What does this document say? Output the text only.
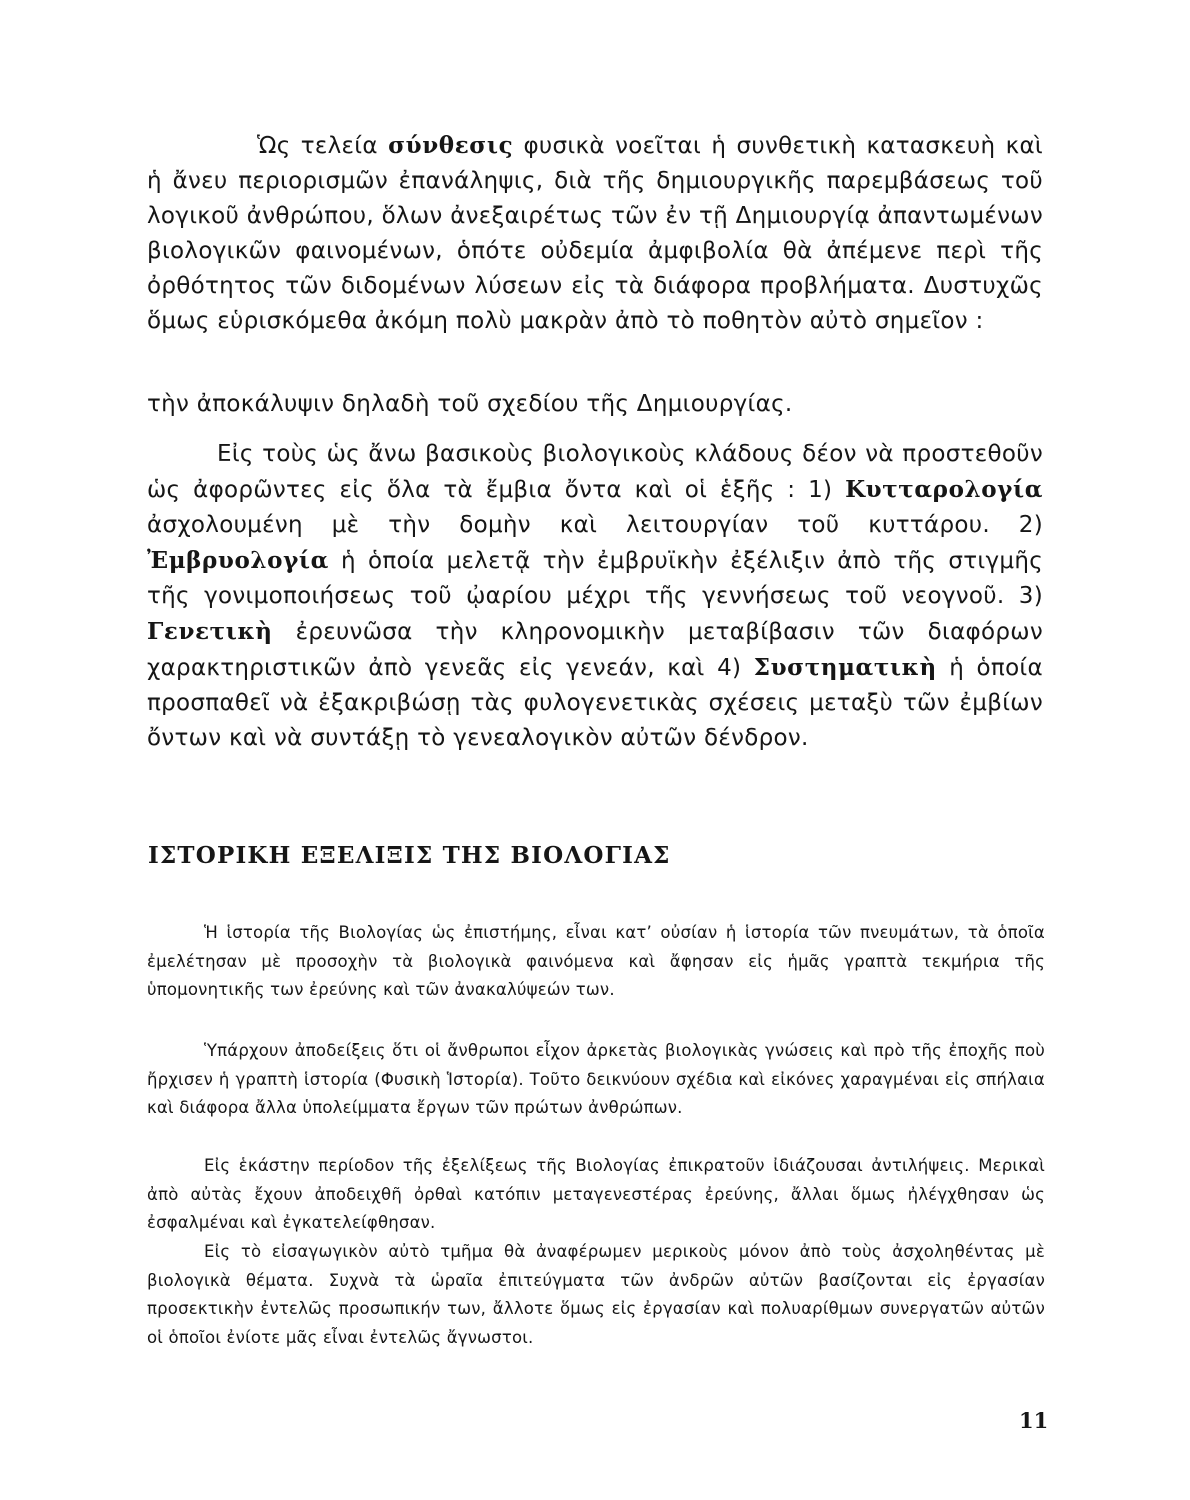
Ὡς τελεία σύνθεσις φυσικὰ νοεῖται ἡ συνθετικὴ κατασκευὴ καὶ ἡ ἄνευ περιορισμῶν ἐπανάληψις, διὰ τῆς δημιουργικῆς παρεμβάσεως τοῦ λογικοῦ ἀνθρώπου, ὅλων ἀνεξαιρέτως τῶν ἐν τῇ Δημιουργίᾳ ἀπαντωμένων βιολογικῶν φαινομένων, ὁπότε οὐδεμία ἀμφιβολία θὰ ἀπέμενε περὶ τῆς ὀρθότητος τῶν διδομένων λύσεων εἰς τὰ διάφορα προβλήματα. Δυστυχῶς ὅμως εὑρισκόμεθα ἀκόμη πολὺ μακρὰν ἀπὸ τὸ ποθητὸν αὐτὸ σημεῖον :

τὴν ἀποκάλυψιν δηλαδὴ τοῦ σχεδίου τῆς Δημιουργίας.

Εἰς τοὺς ὡς ἄνω βασικοὺς βιολογικοὺς κλάδους δέον νὰ προστεθοῦν ὡς ἀφορῶντες εἰς ὅλα τὰ ἔμβια ὄντα καὶ οἱ ἑξῆς : 1) Κυτταρολογία ἀσχολουμένη μὲ τὴν δομὴν καὶ λειτουργίαν τοῦ κυττάρου. 2) Ἐμβρυολογία ἡ ὁποία μελετᾷ τὴν ἐμβρυϊκὴν ἐξέλιξιν ἀπὸ τῆς στιγμῆς τῆς γονιμοποιήσεως τοῦ ᾠαρίου μέχρι τῆς γεννήσεως τοῦ νεογνοῦ. 3) Γενετικὴ ἐρευνῶσα τὴν κληρονομικὴν μεταβίβασιν τῶν διαφόρων χαρακτηριστικῶν ἀπὸ γενεᾶς εἰς γενεάν, καὶ 4) Συστηματικὴ ἡ ὁποία προσπαθεῖ νὰ ἐξακριβώσῃ τὰς φυλογενετικὰς σχέσεις μεταξὺ τῶν ἐμβίων ὄντων καὶ νὰ συντάξῃ τὸ γενεαλογικὸν αὐτῶν δένδρον.

ΙΣΤΟΡΙΚΗ ΕΞΕΛΙΞΙΣ ΤΗΣ ΒΙΟΛΟΓΙΑΣ

Ἡ ἱστορία τῆς Βιολογίας ὡς ἐπιστήμης, εἶναι κατ’ οὐσίαν ἡ ἱστορία τῶν πνευμάτων, τὰ ὁποῖα ἐμελέτησαν μὲ προσοχὴν τὰ βιολογικὰ φαινόμενα καὶ ἄφησαν εἰς ἡμᾶς γραπτὰ τεκμήρια τῆς ὑπομονητικῆς των ἐρεύνης καὶ τῶν ἀνακαλύψεών των.

Ὑπάρχουν ἀποδείξεις ὅτι οἱ ἄνθρωποι εἶχον ἀρκετὰς βιολογικὰς γνώσεις καὶ πρὸ τῆς ἐποχῆς ποὺ ἤρχισεν ἡ γραπτὴ ἱστορία (Φυσικὴ Ἱστορία). Τοῦτο δεικνύουν σχέδια καὶ εἰκόνες χαραγμέναι εἰς σπήλαια καὶ διάφορα ἄλλα ὑπολείμματα ἔργων τῶν πρώτων ἀνθρώπων.

Εἰς ἑκάστην περίοδον τῆς ἐξελίξεως τῆς Βιολογίας ἐπικρατοῦν ἰδιάζουσαι ἀντιλήψεις. Μερικαὶ ἀπὸ αὐτὰς ἔχουν ἀποδειχθῆ ὀρθαὶ κατόπιν μεταγενεστέρας ἐρεύνης, ἄλλαι ὅμως ἠλέγχθησαν ὡς ἐσφαλμέναι καὶ ἐγκατελείφθησαν.

Εἰς τὸ εἰσαγωγικὸν αὐτὸ τμῆμα θὰ ἀναφέρωμεν μερικοὺς μόνον ἀπὸ τοὺς ἀσχοληθέντας μὲ βιολογικὰ θέματα. Συχνὰ τὰ ὡραῖα ἐπιτεύγματα τῶν ἀνδρῶν αὐτῶν βασίζονται εἰς ἐργασίαν προσεκτικὴν ἐντελῶς προσωπικήν των, ἄλλοτε ὅμως εἰς ἐργασίαν καὶ πολυαρίθμων συνεργατῶν αὐτῶν οἱ ὁποῖοι ἐνίοτε μᾶς εἶναι ἐντελῶς ἄγνωστοι.

11
